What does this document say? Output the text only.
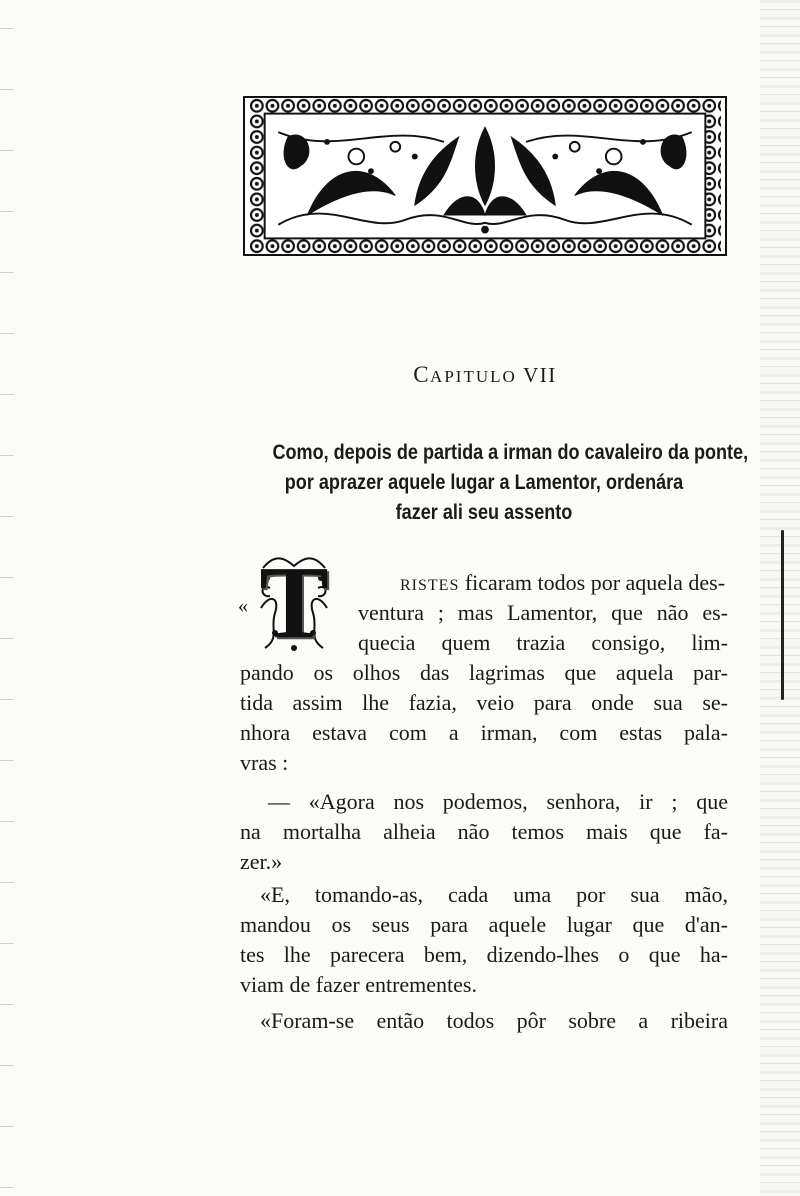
CAPITULO VII
Como, depois de partida a irman do cavaleiro da ponte,
por aprazer aquele lugar a Lamentor, ordenára
fazer ali seu assento
« T	RISTES ficaram todos por aquela des-
ventura ; mas Lamentor, que não es-
quecia quem trazia consigo, lim-
pando os olhos das lagrimas que aquela par-
tida assim lhe fazia, veio para onde sua se-
nhora estava com a irman, com estas pala-
vras :
— «Agora nos podemos, senhora, ir ; que
na mortalha alheia não temos mais que fa-
zer.»
«E, tomando-as, cada uma por sua mão,
mandou os seus para aquele lugar que d'an-
tes lhe parecera bem, dizendo-lhes o que ha-
viam de fazer entrementes.
«Foram-se então todos pôr sobre a ribeira
